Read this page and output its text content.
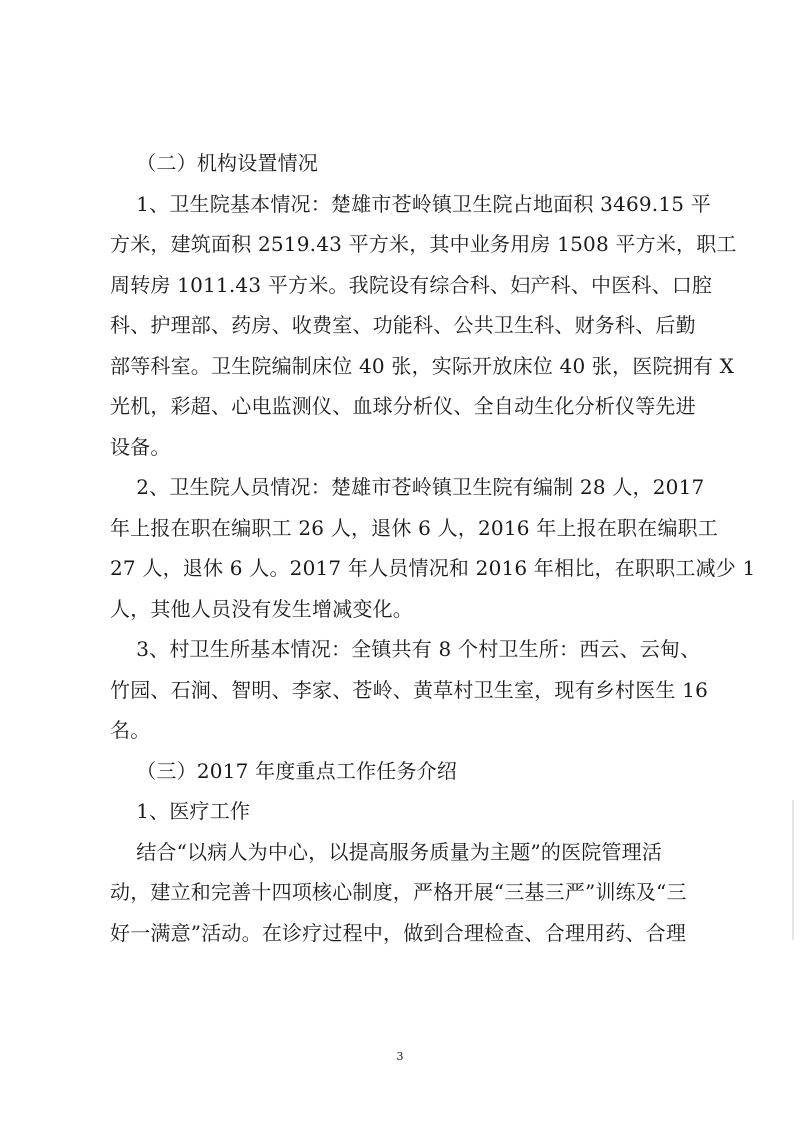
（二）机构设置情况
1、卫生院基本情况：楚雄市苍岭镇卫生院占地面积 3469.15 平
方米，建筑面积 2519.43 平方米，其中业务用房 1508 平方米，职工
周转房 1011.43 平方米。我院设有综合科、妇产科、中医科、口腔
科、护理部、药房、收费室、功能科、公共卫生科、财务科、后勤
部等科室。卫生院编制床位 40 张，实际开放床位 40 张，医院拥有 X
光机，彩超、心电监测仪、血球分析仪、全自动生化分析仪等先进
设备。
2、卫生院人员情况：楚雄市苍岭镇卫生院有编制 28 人，2017
年上报在职在编职工 26 人，退休 6 人，2016 年上报在职在编职工
27 人，退休 6 人。2017 年人员情况和 2016 年相比，在职职工减少 1
人，其他人员没有发生增减变化。
3、村卫生所基本情况：全镇共有 8 个村卫生所：西云、云甸、
竹园、石涧、智明、李家、苍岭、黄草村卫生室，现有乡村医生 16
名。
（三）2017 年度重点工作任务介绍
1、医疗工作
结合“以病人为中心，以提高服务质量为主题”的医院管理活
动，建立和完善十四项核心制度，严格开展“三基三严”训练及“三
好一满意”活动。在诊疗过程中，做到合理检查、合理用药、合理
3
